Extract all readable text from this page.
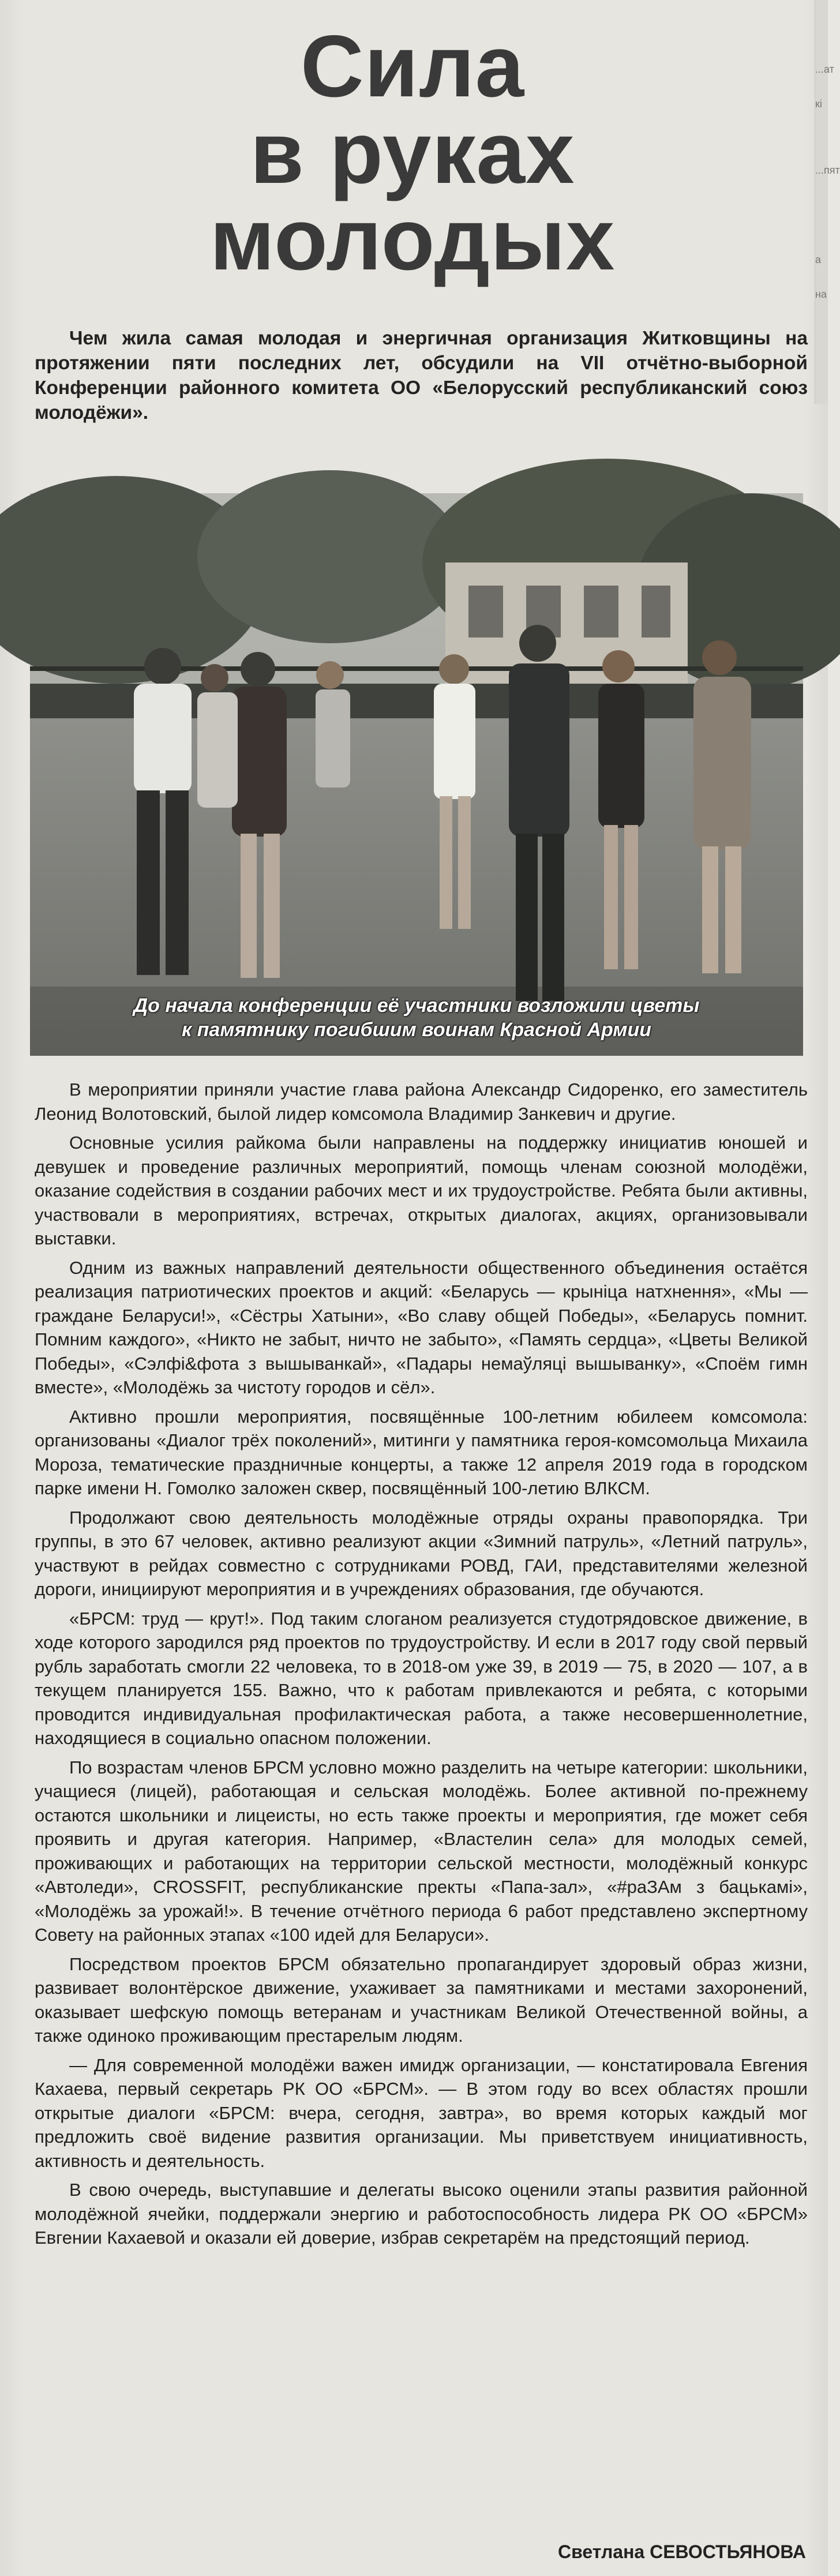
...ат
кі
...пят
а
на
Сила
в руках
молодых
Чем жила самая молодая и энергичная организация Житковщины на протяжении пяти последних лет, обсудили на VII отчётно-выборной Конференции районного комитета ОО «Белорусский республиканский союз молодёжи».
До начала конференции её участники возложили цветы
к памятнику погибшим воинам Красной Армии

В мероприятии приняли участие глава района Александр Сидоренко, его заместитель Леонид Волотовский, былой лидер комсомола Владимир Занкевич и другие.

Основные усилия райкома были направлены на поддержку инициатив юношей и девушек и проведение различных мероприятий, помощь членам союзной молодёжи, оказание содействия в создании рабочих мест и их трудоустройстве. Ребята были активны, участвовали в мероприятиях, встречах, открытых диалогах, акциях, организовывали выставки.

Одним из важных направлений деятельности общественного объединения остаётся реализация патриотических проектов и акций: «Беларусь — крыніца натхнення», «Мы — граждане Беларуси!», «Сёстры Хатыни», «Во славу общей Победы», «Беларусь помнит. Помним каждого», «Никто не забыт, ничто не забыто», «Память сердца», «Цветы Великой Победы», «Сэлфі&фота з вышыванкай», «Падары немаўляці вышыванку», «Споём гимн вместе», «Молодёжь за чистоту городов и сёл».

Активно прошли мероприятия, посвящённые 100-летним юбилеем комсомола: организованы «Диалог трёх поколений», митинги у памятника героя-комсомольца Михаила Мороза, тематические праздничные концерты, а также 12 апреля 2019 года в городском парке имени Н. Гомолко заложен сквер, посвящённый 100-летию ВЛКСМ.

Продолжают свою деятельность молодёжные отряды охраны правопорядка. Три группы, в это 67 человек, активно реализуют акции «Зимний патруль», «Летний патруль», участвуют в рейдах совместно с сотрудниками РОВД, ГАИ, представителями железной дороги, инициируют мероприятия и в учреждениях образования, где обучаются.

«БРСМ: труд — крут!». Под таким слоганом реализуется студотрядовское движение, в ходе которого зародился ряд проектов по трудоустройству. И если в 2017 году свой первый рубль заработать смогли 22 человека, то в 2018-ом уже 39, в 2019 — 75, в 2020 — 107, а в текущем планируется 155. Важно, что к работам привлекаются и ребята, с которыми проводится индивидуальная профилактическая работа, а также несовершеннолетние, находящиеся в социально опасном положении.

По возрастам членов БРСМ условно можно разделить на четыре категории: школьники, учащиеся (лицей), работающая и сельская молодёжь. Более активной по-прежнему остаются школьники и лицеисты, но есть также проекты и мероприятия, где может себя проявить и другая категория. Например, «Властелин села» для молодых семей, проживающих и работающих на территории сельской местности, молодёжный конкурс «Автоледи», CROSSFIT, республиканские пректы «Папа-зал», «#раЗАм з бацькамі», «Молодёжь за урожай!». В течение отчётного периода 6 работ представлено экспертному Совету на районных этапах «100 идей для Беларуси».

Посредством проектов БРСМ обязательно пропагандирует здоровый образ жизни, развивает волонтёрское движение, ухаживает за памятниками и местами захоронений, оказывает шефскую помощь ветеранам и участникам Великой Отечественной войны, а также одиноко проживающим престарелым людям.

— Для современной молодёжи важен имидж организации, — констатировала Евгения Кахаева, первый секретарь РК ОО «БРСМ». — В этом году во всех областях прошли открытые диалоги «БРСМ: вчера, сегодня, завтра», во время которых каждый мог предложить своё видение развития организации. Мы приветствуем инициативность, активность и деятельность.

В свою очередь, выступавшие и делегаты высоко оценили этапы развития районной молодёжной ячейки, поддержали энергию и работоспособность лидера РК ОО «БРСМ» Евгении Кахаевой и оказали ей доверие, избрав секретарём на предстоящий период.

Светлана СЕВОСТЬЯНОВА
